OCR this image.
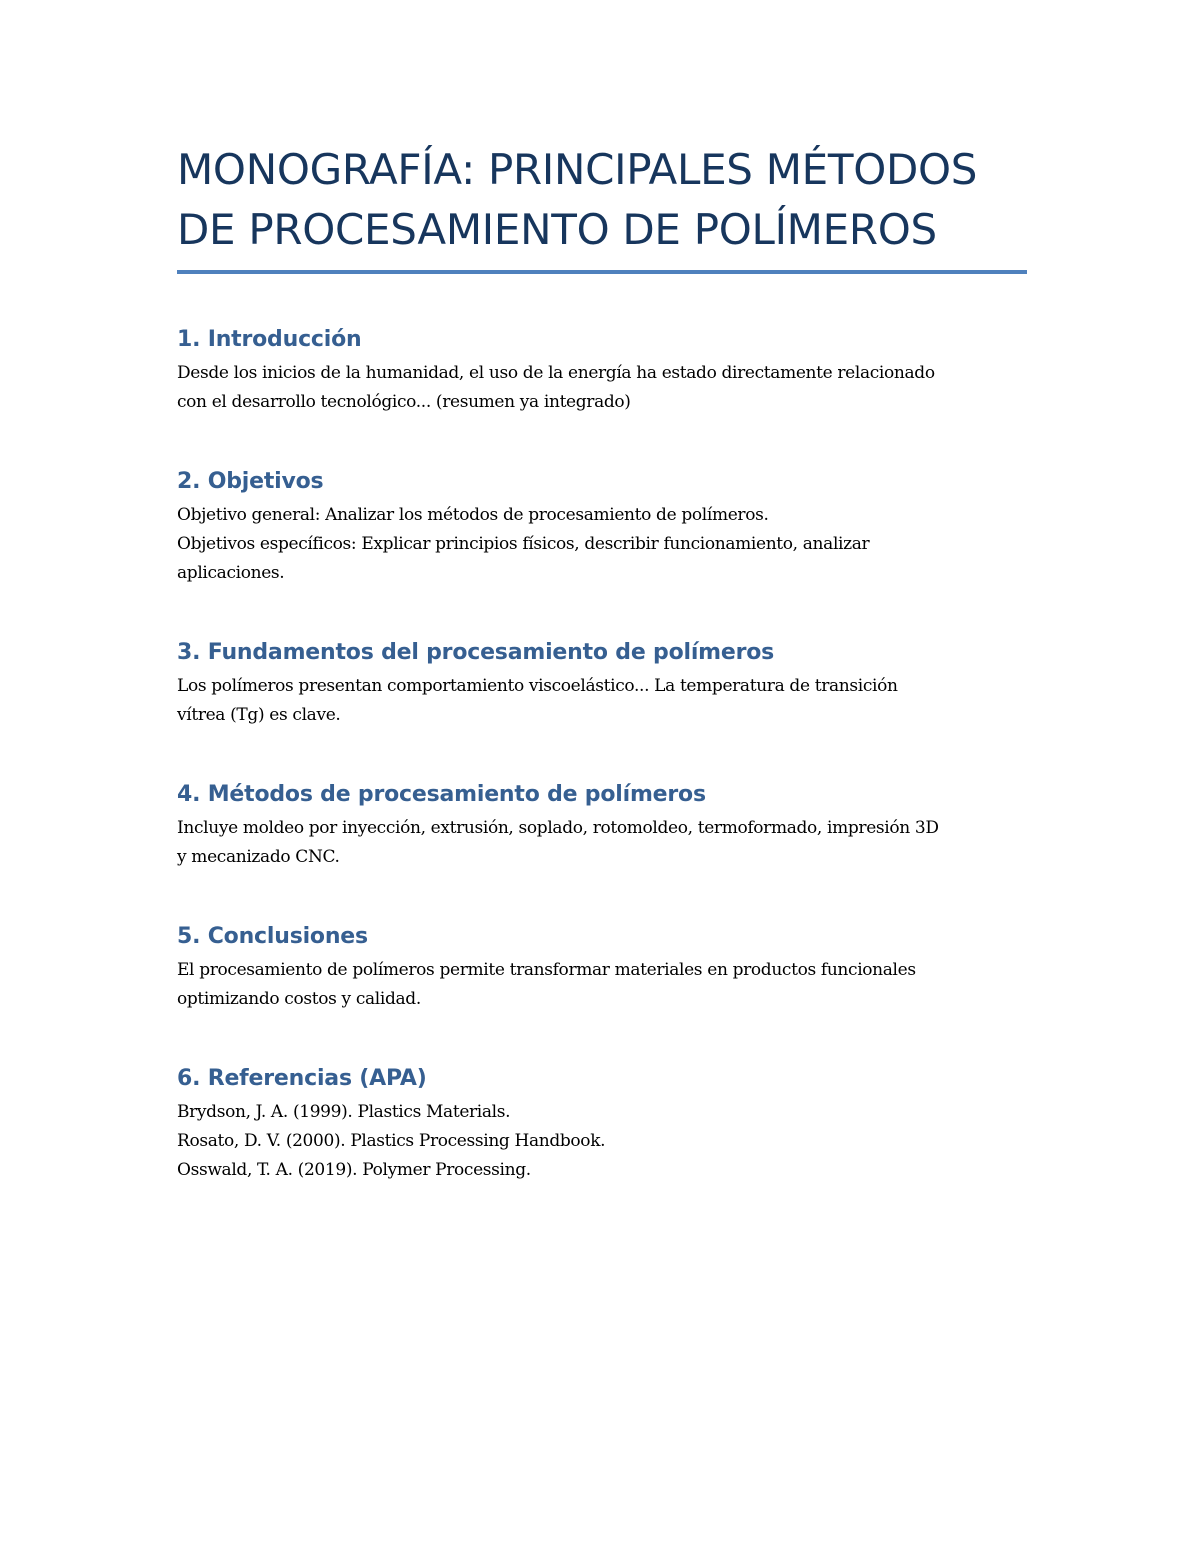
MONOGRAFÍA: PRINCIPALES MÉTODOS
DE PROCESAMIENTO DE POLÍMEROS
1. Introducción

Desde los inicios de la humanidad, el uso de la energía ha estado directamente relacionado
con el desarrollo tecnológico... (resumen ya integrado)

2. Objetivos

Objetivo general: Analizar los métodos de procesamiento de polímeros.
Objetivos específicos: Explicar principios físicos, describir funcionamiento, analizar
aplicaciones.

3. Fundamentos del procesamiento de polímeros

Los polímeros presentan comportamiento viscoelástico... La temperatura de transición
vítrea (Tg) es clave.

4. Métodos de procesamiento de polímeros

Incluye moldeo por inyección, extrusión, soplado, rotomoldeo, termoformado, impresión 3D
y mecanizado CNC.

5. Conclusiones

El procesamiento de polímeros permite transformar materiales en productos funcionales
optimizando costos y calidad.

6. Referencias (APA)

Brydson, J. A. (1999). Plastics Materials.
Rosato, D. V. (2000). Plastics Processing Handbook.
Osswald, T. A. (2019). Polymer Processing.
